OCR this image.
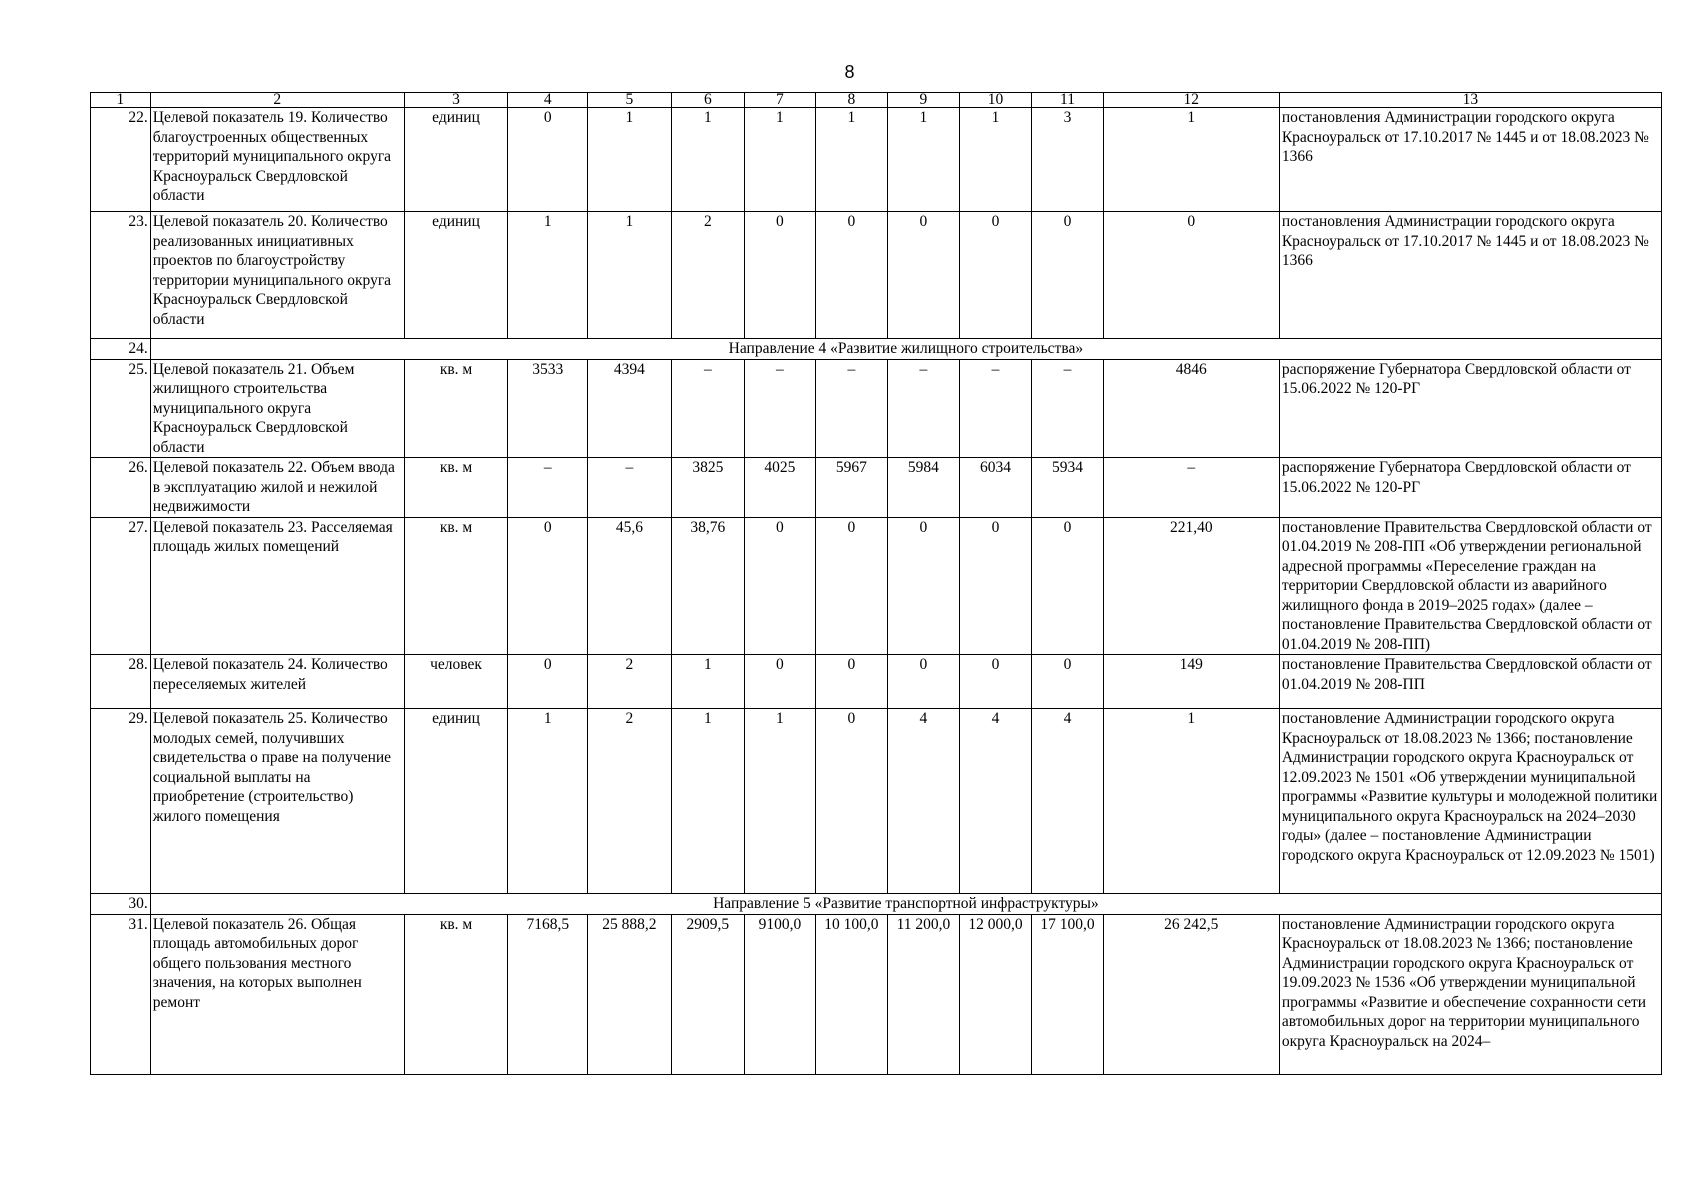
8
1	2	3	4	5	6	7	8	9	10	11	12	13
22.	Целевой показатель 19. Количество благоустроенных общественных территорий муниципального округа Красноуральск Свердловской области	единиц	0	1	1	1	1	1	1	3	1	постановления Администрации городского округа Красноуральск от 17.10.2017 № 1445 и от 18.08.2023 № 1366
23.	Целевой показатель 20. Количество реализованных инициативных проектов по благоустройству территории муниципального округа Красноуральск Свердловской области	единиц	1	1	2	0	0	0	0	0	0	постановления Администрации городского округа Красноуральск от 17.10.2017 № 1445 и от 18.08.2023 № 1366
24.	Направление 4 «Развитие жилищного строительства»											
25.	Целевой показатель 21. Объем жилищного строительства муниципального округа Красноуральск Свердловской области	кв. м	3533	4394	–	–	–	–	–	–	4846	распоряжение Губернатора Свердловской области от 15.06.2022 № 120-РГ
26.	Целевой показатель 22. Объем ввода в эксплуатацию жилой и нежилой недвижимости	кв. м	–	–	3825	4025	5967	5984	6034	5934	–	распоряжение Губернатора Свердловской области от 15.06.2022 № 120-РГ
27.	Целевой показатель 23. Расселяемая площадь жилых помещений	кв. м	0	45,6	38,76	0	0	0	0	0	221,40	постановление Правительства Свердловской области от 01.04.2019 № 208-ПП «Об утверждении региональной адресной программы «Переселение граждан на территории Свердловской области из аварийного жилищного фонда в 2019–2025 годах» (далее – постановление Правительства Свердловской области от 01.04.2019 № 208-ПП)
28.	Целевой показатель 24. Количество переселяемых жителей	человек	0	2	1	0	0	0	0	0	149	постановление Правительства Свердловской области от 01.04.2019 № 208-ПП
29.	Целевой показатель 25. Количество молодых семей, получивших свидетельства о праве на получение социальной выплаты на приобретение (строительство) жилого помещения	единиц	1	2	1	1	0	4	4	4	1	постановление Администрации городского округа Красноуральск от 18.08.2023 № 1366; постановление Администрации городского округа Красноуральск от 12.09.2023 № 1501 «Об утверждении муниципальной программы «Развитие культуры и молодежной политики муниципального округа Красноуральск на 2024–2030 годы» (далее – постановление Администрации городского округа Красноуральск от 12.09.2023 № 1501)
30.	Направление 5 «Развитие транспортной инфраструктуры»											
31.	Целевой показатель 26. Общая площадь автомобильных дорог общего пользования местного значения, на которых выполнен ремонт	кв. м	7168,5	25 888,2	2909,5	9100,0	10 100,0	11 200,0	12 000,0	17 100,0	26 242,5	постановление Администрации городского округа Красноуральск от 18.08.2023 № 1366; постановление Администрации городского округа Красноуральск от 19.09.2023 № 1536 «Об утверждении муниципальной программы «Развитие и обеспечение сохранности сети автомобильных дорог на территории муниципального округа Красноуральск на 2024–
